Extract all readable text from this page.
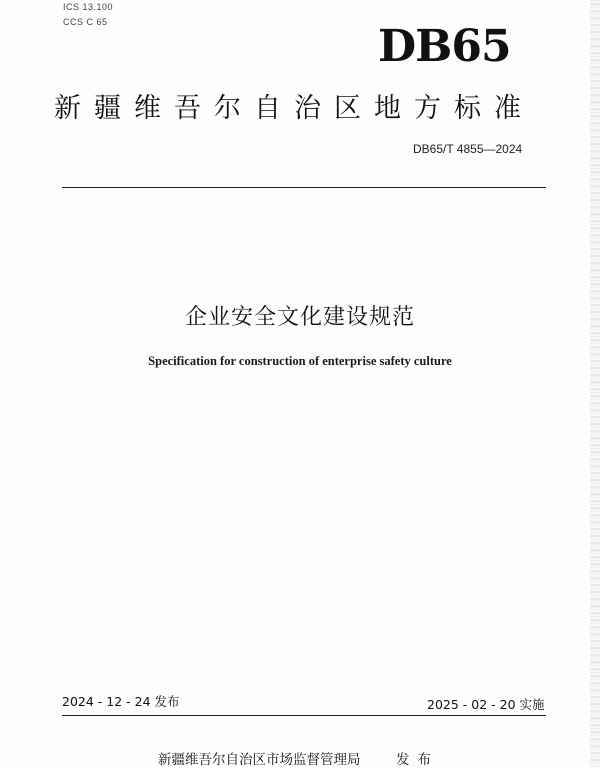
ICS 13.100
CCS C 65	DB65
新疆维吾尔自治区地方标准
DB65/T 4855—2024
企业安全文化建设规范
Specification for construction of enterprise safety culture
2024 - 12 - 24 发布	2025 - 02 - 20 实施
新疆维吾尔自治区市场监督管理局	发布
